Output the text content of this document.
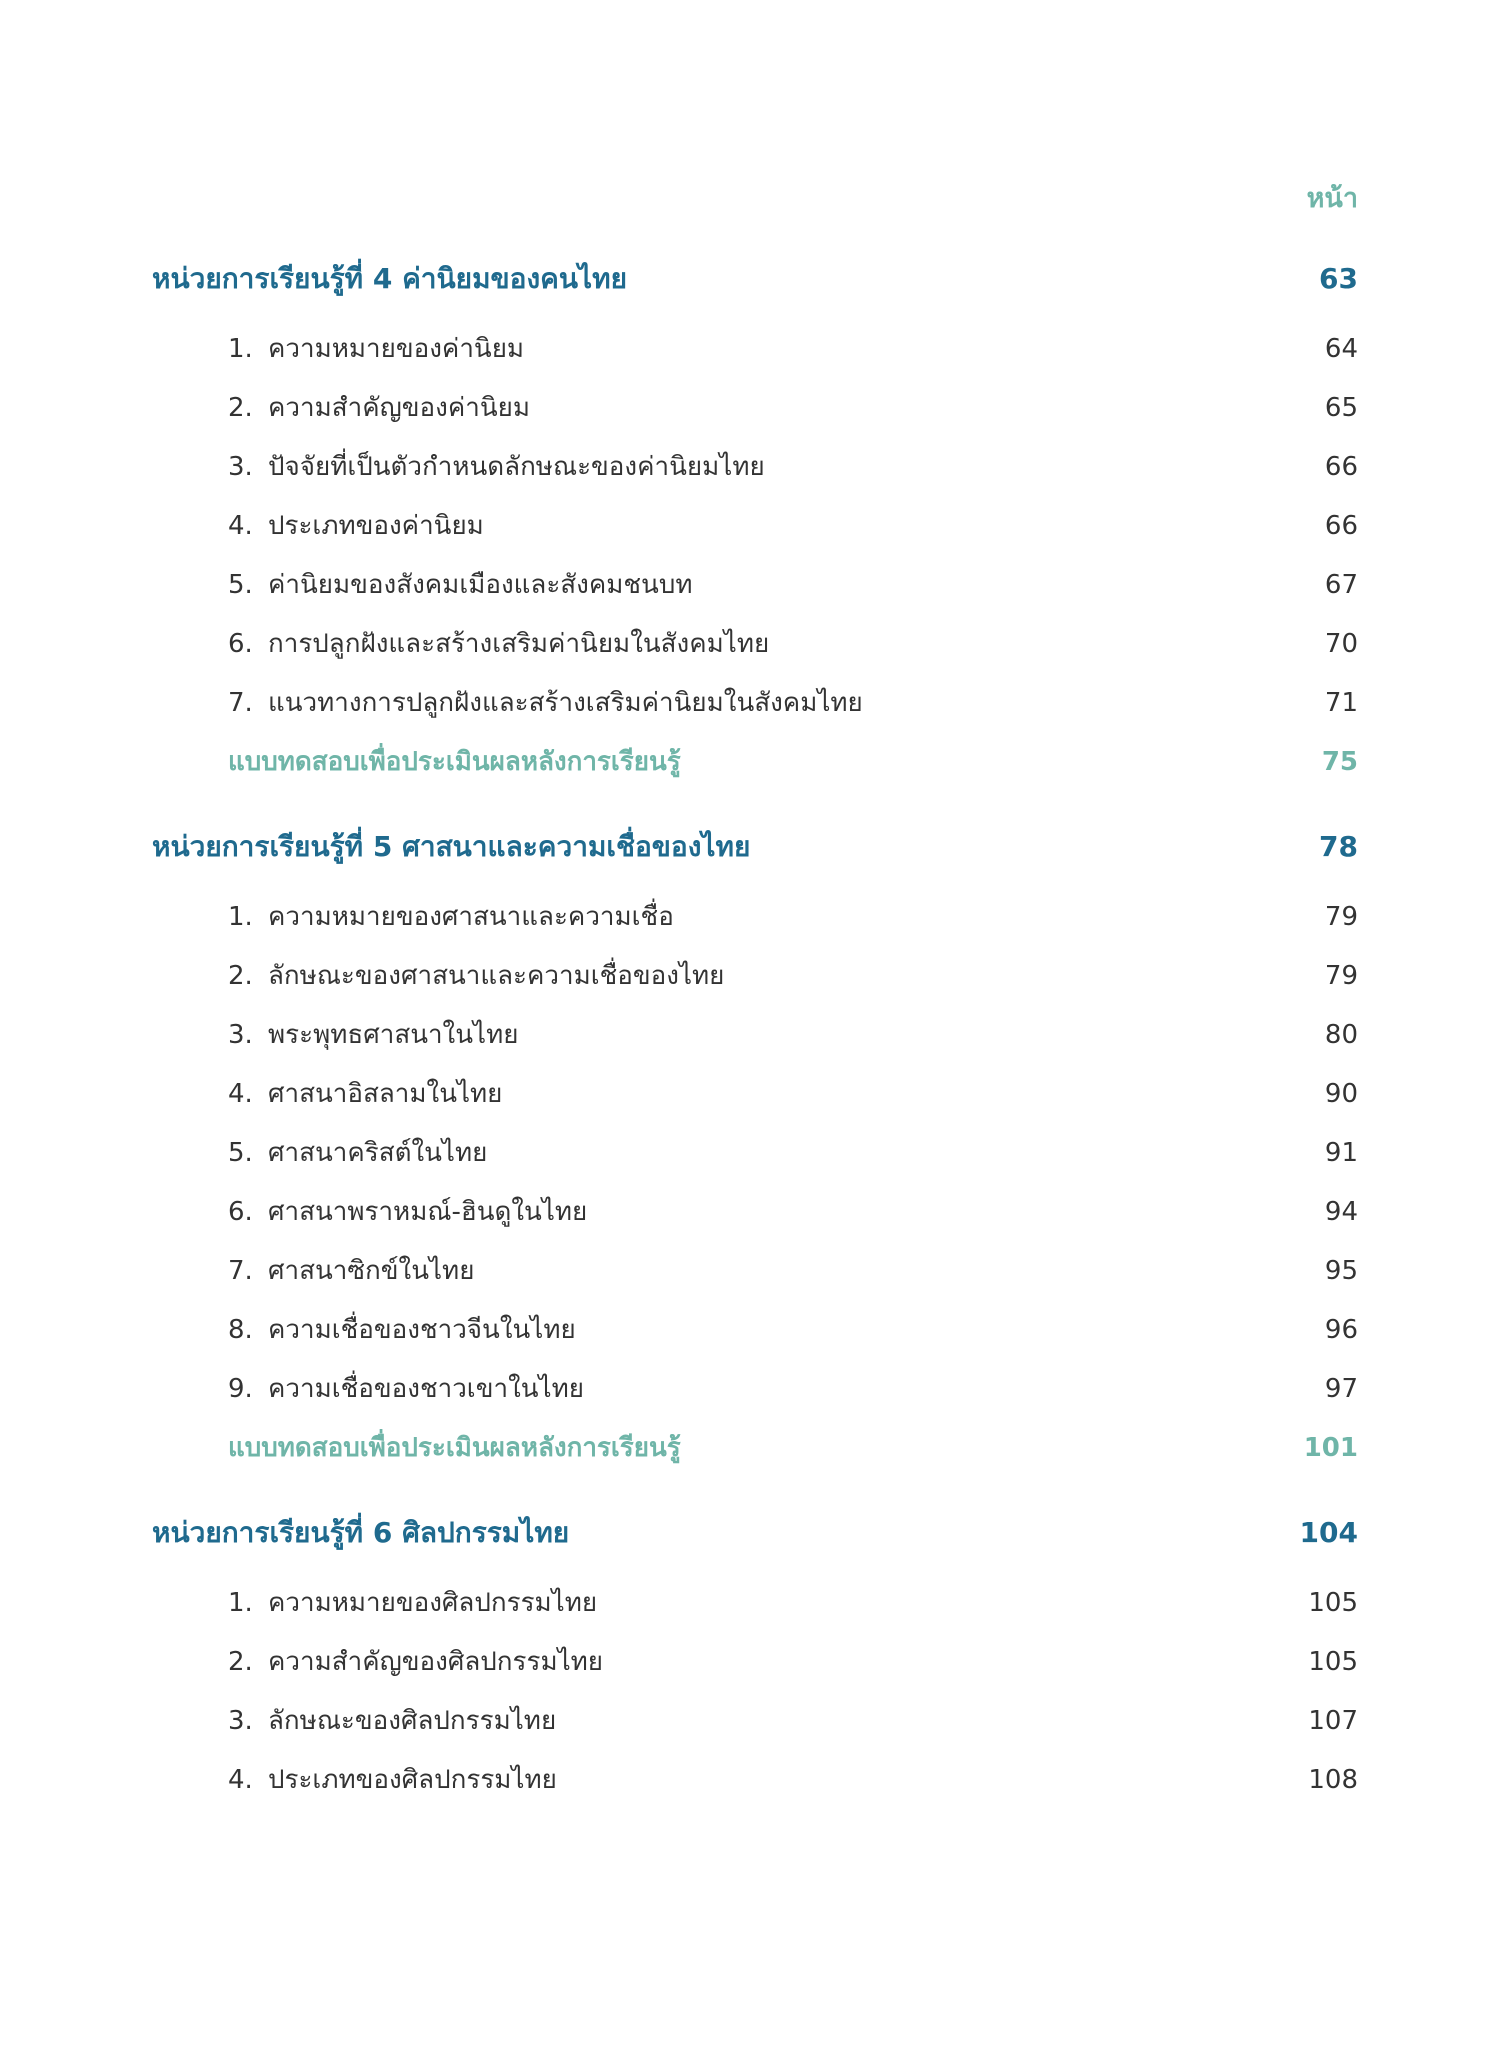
หน้า
หน่วยการเรียนรู้ที่ 4 ค่านิยมของคนไทย	63
1. ความหมายของค่านิยม	64
2. ความสำคัญของค่านิยม	65
3. ปัจจัยที่เป็นตัวกำหนดลักษณะของค่านิยมไทย	66
4. ประเภทของค่านิยม	66
5. ค่านิยมของสังคมเมืองและสังคมชนบท	67
6. การปลูกฝังและสร้างเสริมค่านิยมในสังคมไทย	70
7. แนวทางการปลูกฝังและสร้างเสริมค่านิยมในสังคมไทย	71
แบบทดสอบเพื่อประเมินผลหลังการเรียนรู้	75
หน่วยการเรียนรู้ที่ 5 ศาสนาและความเชื่อของไทย	78
1. ความหมายของศาสนาและความเชื่อ	79
2. ลักษณะของศาสนาและความเชื่อของไทย	79
3. พระพุทธศาสนาในไทย	80
4. ศาสนาอิสลามในไทย	90
5. ศาสนาคริสต์ในไทย	91
6. ศาสนาพราหมณ์-ฮินดูในไทย	94
7. ศาสนาซิกข์ในไทย	95
8. ความเชื่อของชาวจีนในไทย	96
9. ความเชื่อของชาวเขาในไทย	97
แบบทดสอบเพื่อประเมินผลหลังการเรียนรู้	101
หน่วยการเรียนรู้ที่ 6 ศิลปกรรมไทย	104
1. ความหมายของศิลปกรรมไทย	105
2. ความสำคัญของศิลปกรรมไทย	105
3. ลักษณะของศิลปกรรมไทย	107
4. ประเภทของศิลปกรรมไทย	108
